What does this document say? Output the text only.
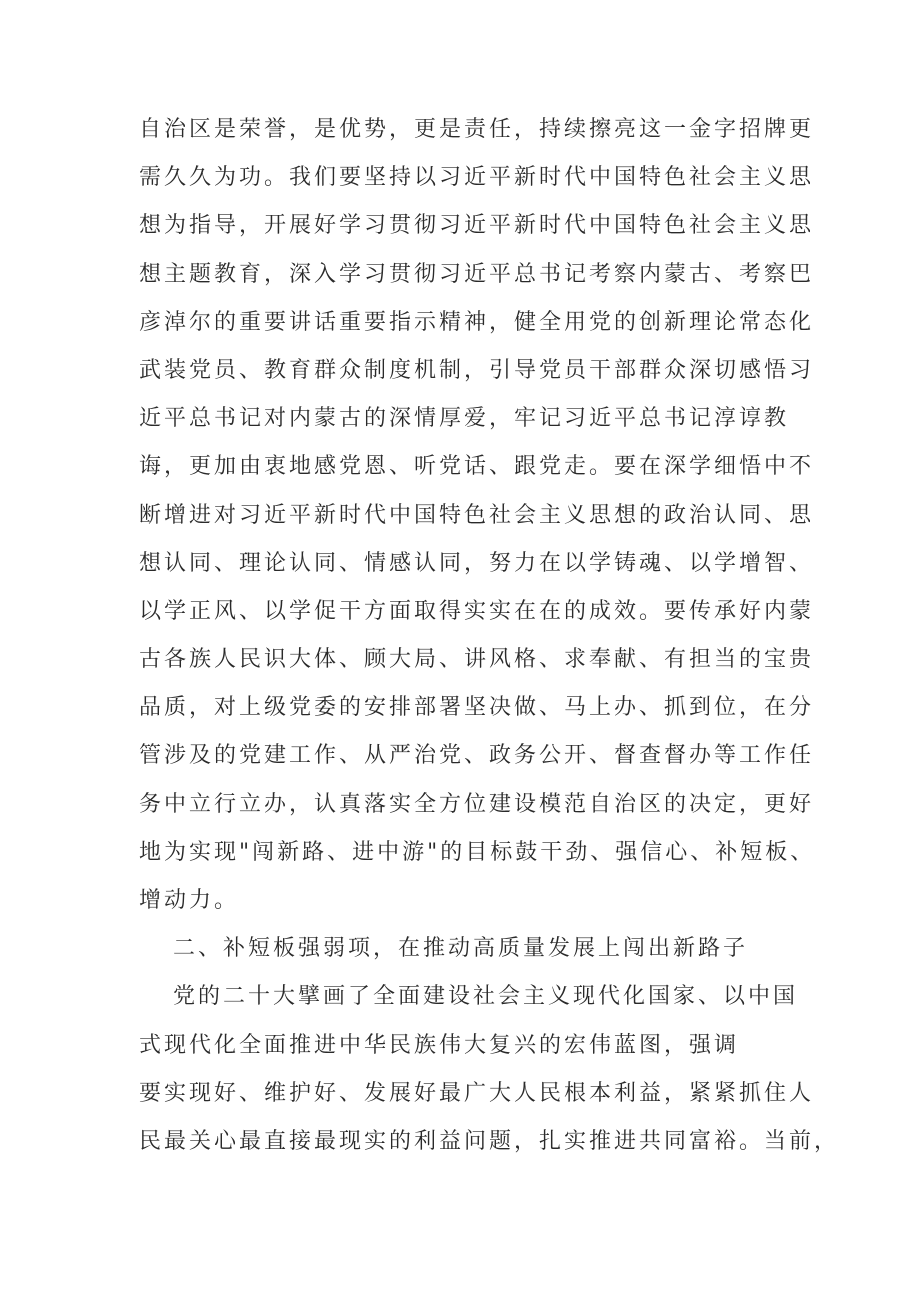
自治区是荣誉，是优势，更是责任，持续擦亮这一金字招牌更
需久久为功。我们要坚持以习近平新时代中国特色社会主义思
想为指导，开展好学习贯彻习近平新时代中国特色社会主义思
想主题教育，深入学习贯彻习近平总书记考察内蒙古、考察巴
彦淖尔的重要讲话重要指示精神，健全用党的创新理论常态化
武装党员、教育群众制度机制，引导党员干部群众深切感悟习
近平总书记对内蒙古的深情厚爱，牢记习近平总书记淳谆教
诲，更加由衷地感党恩、听党话、跟党走。要在深学细悟中不
断增进对习近平新时代中国特色社会主义思想的政治认同、思
想认同、理论认同、情感认同，努力在以学铸魂、以学增智、
以学正风、以学促干方面取得实实在在的成效。要传承好内蒙
古各族人民识大体、顾大局、讲风格、求奉献、有担当的宝贵
品质，对上级党委的安排部署坚决做、马上办、抓到位，在分
管涉及的党建工作、从严治党、政务公开、督查督办等工作任
务中立行立办，认真落实全方位建设模范自治区的决定，更好
地为实现"闯新路、进中游"的目标鼓干劲、强信心、补短板、
增动力。
二、补短板强弱项，在推动高质量发展上闯出新路子
党的二十大擘画了全面建设社会主义现代化国家、以中国
式现代化全面推进中华民族伟大复兴的宏伟蓝图，强调
要实现好、维护好、发展好最广大人民根本利益，紧紧抓住人
民最关心最直接最现实的利益问题，扎实推进共同富裕。当前，
